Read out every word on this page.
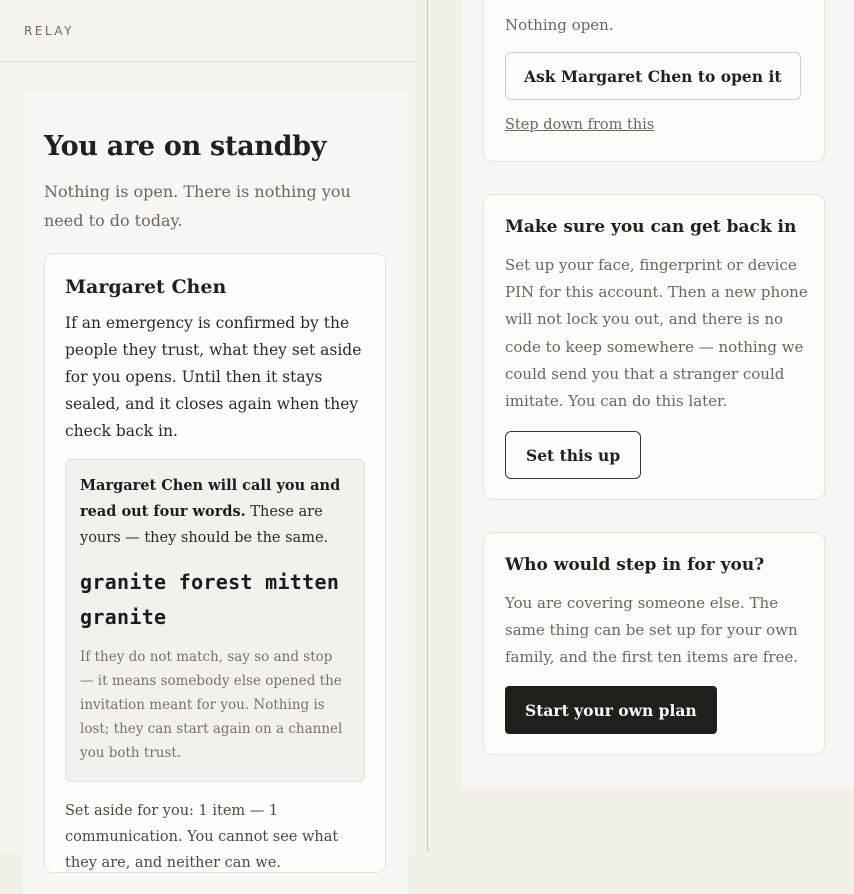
RELAY
You are on standby

Nothing is open. There is nothing you need to do today.

Margaret Chen

If an emergency is confirmed by the people they trust, what they set aside for you opens. Until then it stays sealed, and it closes again when they check back in.

Margaret Chen will call you and read out four words. These are yours — they should be the same.

granite forest mitten granite

If they do not match, say so and stop — it means somebody else opened the invitation meant for you. Nothing is lost; they can start again on a channel you both trust.

Set aside for you: 1 item — 1 communication. You cannot see what they are, and neither can we.

Nothing open.
Ask Margaret Chen to open it
Step down from this
Make sure you can get back in

Set up your face, fingerprint or device PIN for this account. Then a new phone will not lock you out, and there is no code to keep somewhere — nothing we could send you that a stranger could imitate. You can do this later.

Set this up
Who would step in for you?

You are covering someone else. The same thing can be set up for your own family, and the first ten items are free.

Start your own plan
